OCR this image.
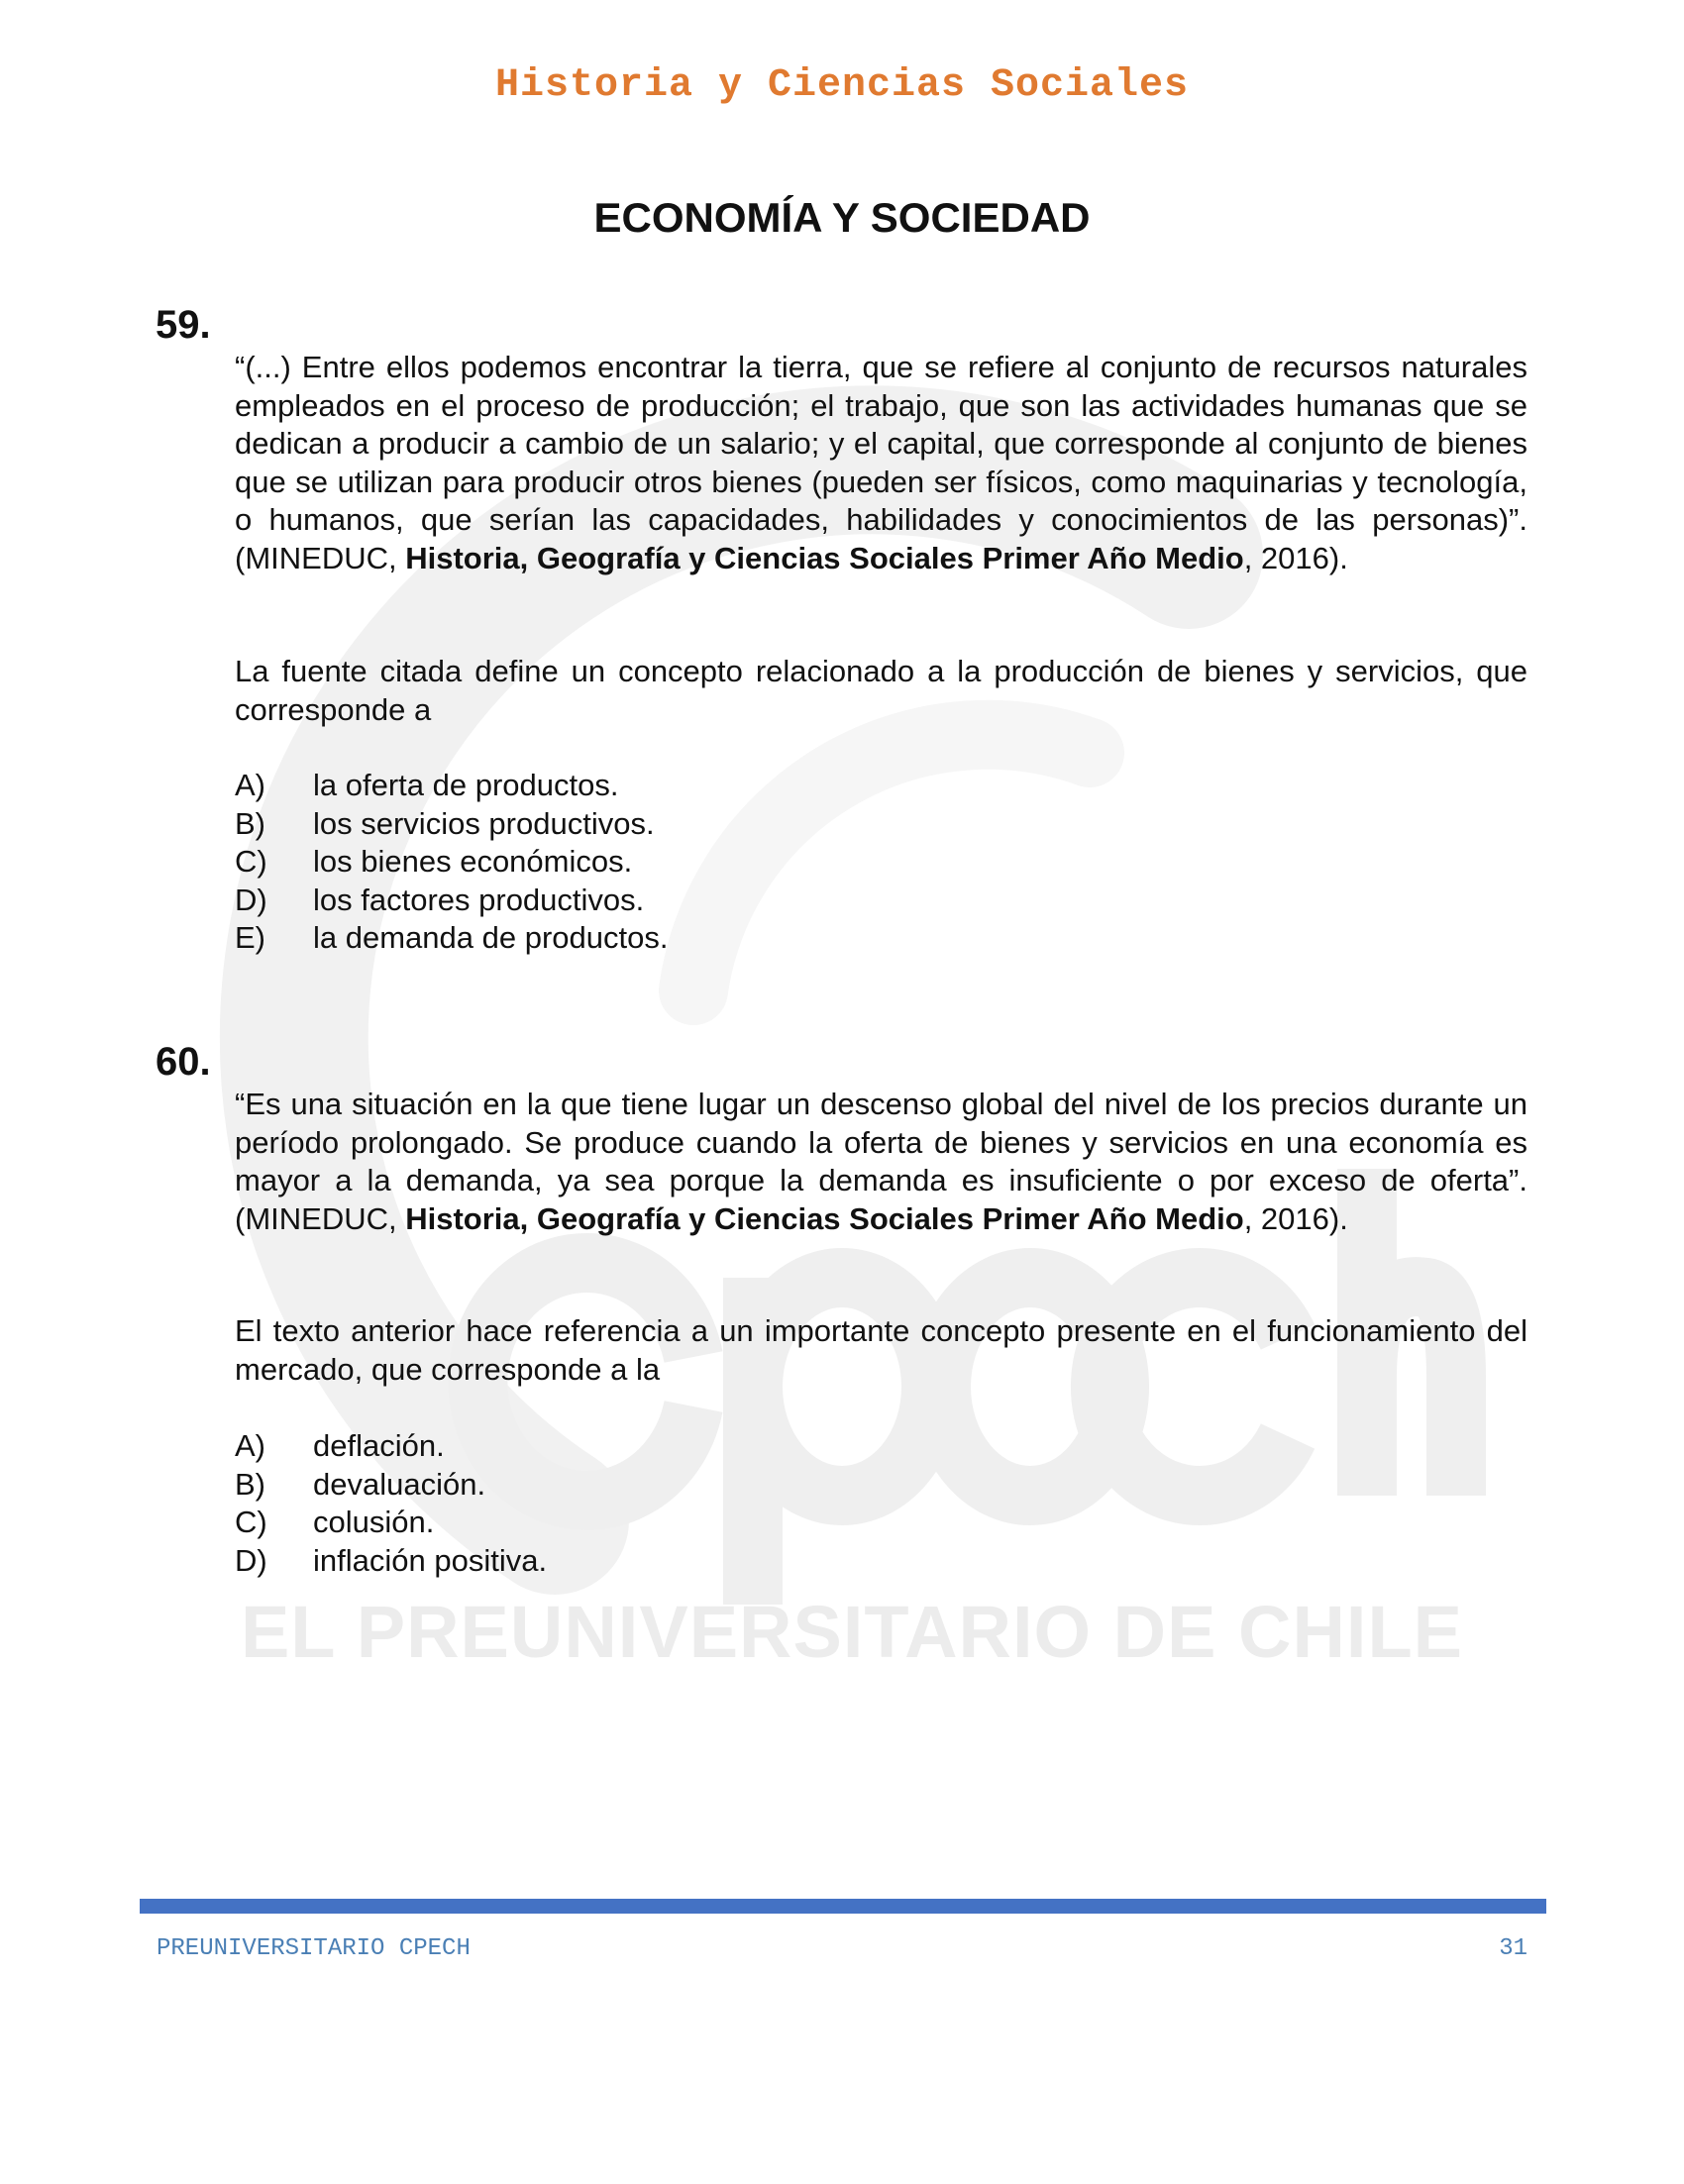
EL PREUNIVERSITARIO DE CHILE
Historia y Ciencias Sociales
ECONOMÍA Y SOCIEDAD
59.

“(...) Entre ellos podemos encontrar la tierra, que se refiere al conjunto de recursos naturales empleados en el proceso de producción; el trabajo, que son las actividades humanas que se dedican a producir a cambio de un salario; y el capital, que corresponde al conjunto de bienes que se utilizan para producir otros bienes (pueden ser físicos, como maquinarias y tecnología, o humanos, que serían las capacidades, habilidades y conocimientos de las personas)”. (MINEDUC, Historia, Geografía y Ciencias Sociales Primer Año Medio, 2016).

La fuente citada define un concepto relacionado a la producción de bienes y servicios, que corresponde a

A)	la oferta de productos.
B)	los servicios productivos.
C)	los bienes económicos.
D)	los factores productivos.
E)	la demanda de productos.
60.

“Es una situación en la que tiene lugar un descenso global del nivel de los precios durante un período prolongado. Se produce cuando la oferta de bienes y servicios en una economía es mayor a la demanda, ya sea porque la demanda es insuficiente o por exceso de oferta”. (MINEDUC, Historia, Geografía y Ciencias Sociales Primer Año Medio, 2016).

El texto anterior hace referencia a un importante concepto presente en el funcionamiento del mercado, que corresponde a la

A)	deflación.
B)	devaluación.
C)	colusión.
D)	inflación positiva.
PREUNIVERSITARIO CPECH	31
